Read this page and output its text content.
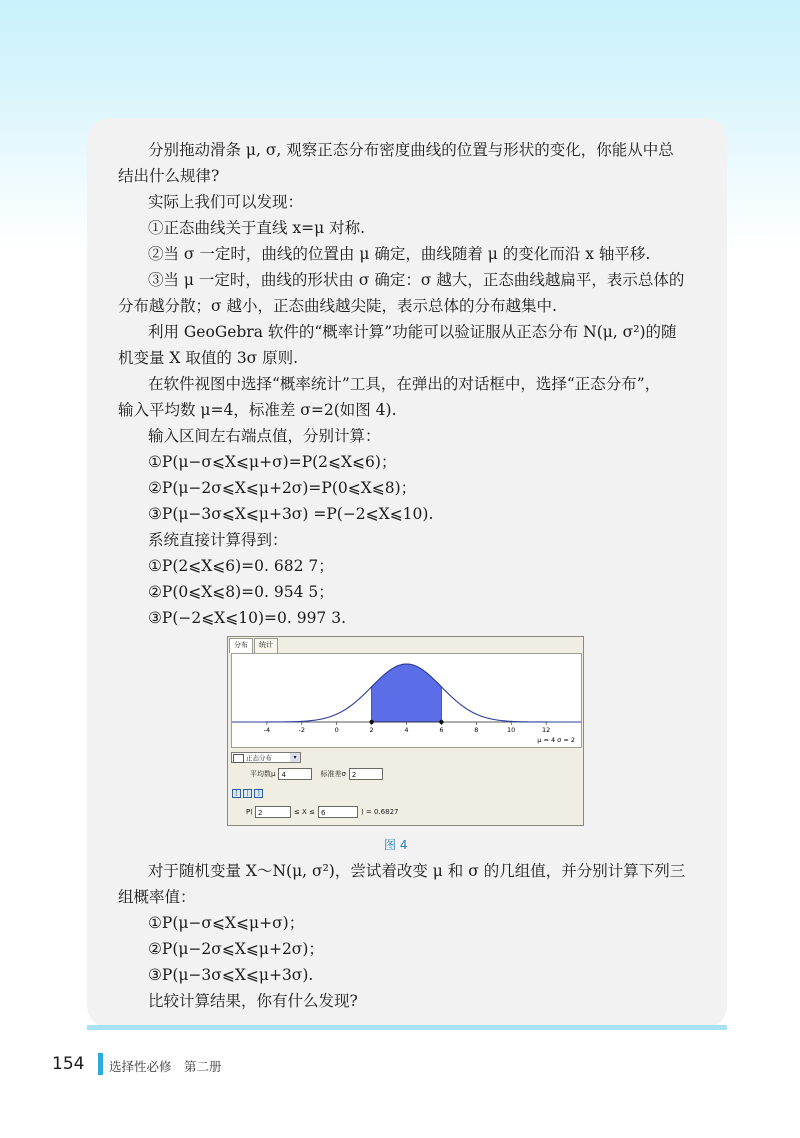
分别拖动滑条 μ, σ, 观察正态分布密度曲线的位置与形状的变化，你能从中总

结出什么规律?

实际上我们可以发现：

①正态曲线关于直线 x=μ 对称.

②当 σ 一定时，曲线的位置由 μ 确定，曲线随着 μ 的变化而沿 x 轴平移.

③当 μ 一定时，曲线的形状由 σ 确定：σ 越大，正态曲线越扁平，表示总体的

分布越分散；σ 越小，正态曲线越尖陡，表示总体的分布越集中.

利用 GeoGebra 软件的“概率计算”功能可以验证服从正态分布 N(μ, σ²)的随

机变量 X 取值的 3σ 原则.

在软件视图中选择“概率统计”工具，在弹出的对话框中，选择“正态分布”，

输入平均数 μ=4，标准差 σ=2(如图 4).

输入区间左右端点值，分别计算：

①P(μ−σ⩽X⩽μ+σ)=P(2⩽X⩽6)；

②P(μ−2σ⩽X⩽μ+2σ)=P(0⩽X⩽8)；

③P(μ−3σ⩽X⩽μ+3σ) =P(−2⩽X⩽10).

系统直接计算得到：

①P(2⩽X⩽6)=0. 682 7；

②P(0⩽X⩽8)=0. 954 5；

③P(−2⩽X⩽10)=0. 997 3.

分布	统计
-4	-2	0	2	4	6	8	10	12
μ = 4 σ = 2
正态分布	▾
平均数μ 4	标准差σ 2
[	|	]
P( 2	≤ X ≤ 6	) = 0.6827
图 4

对于随机变量 X～N(μ, σ²)，尝试着改变 μ 和 σ 的几组值，并分别计算下列三

组概率值：

①P(μ−σ⩽X⩽μ+σ)；

②P(μ−2σ⩽X⩽μ+2σ)；

③P(μ−3σ⩽X⩽μ+3σ).

比较计算结果，你有什么发现?

154 选择性必修　第二册
